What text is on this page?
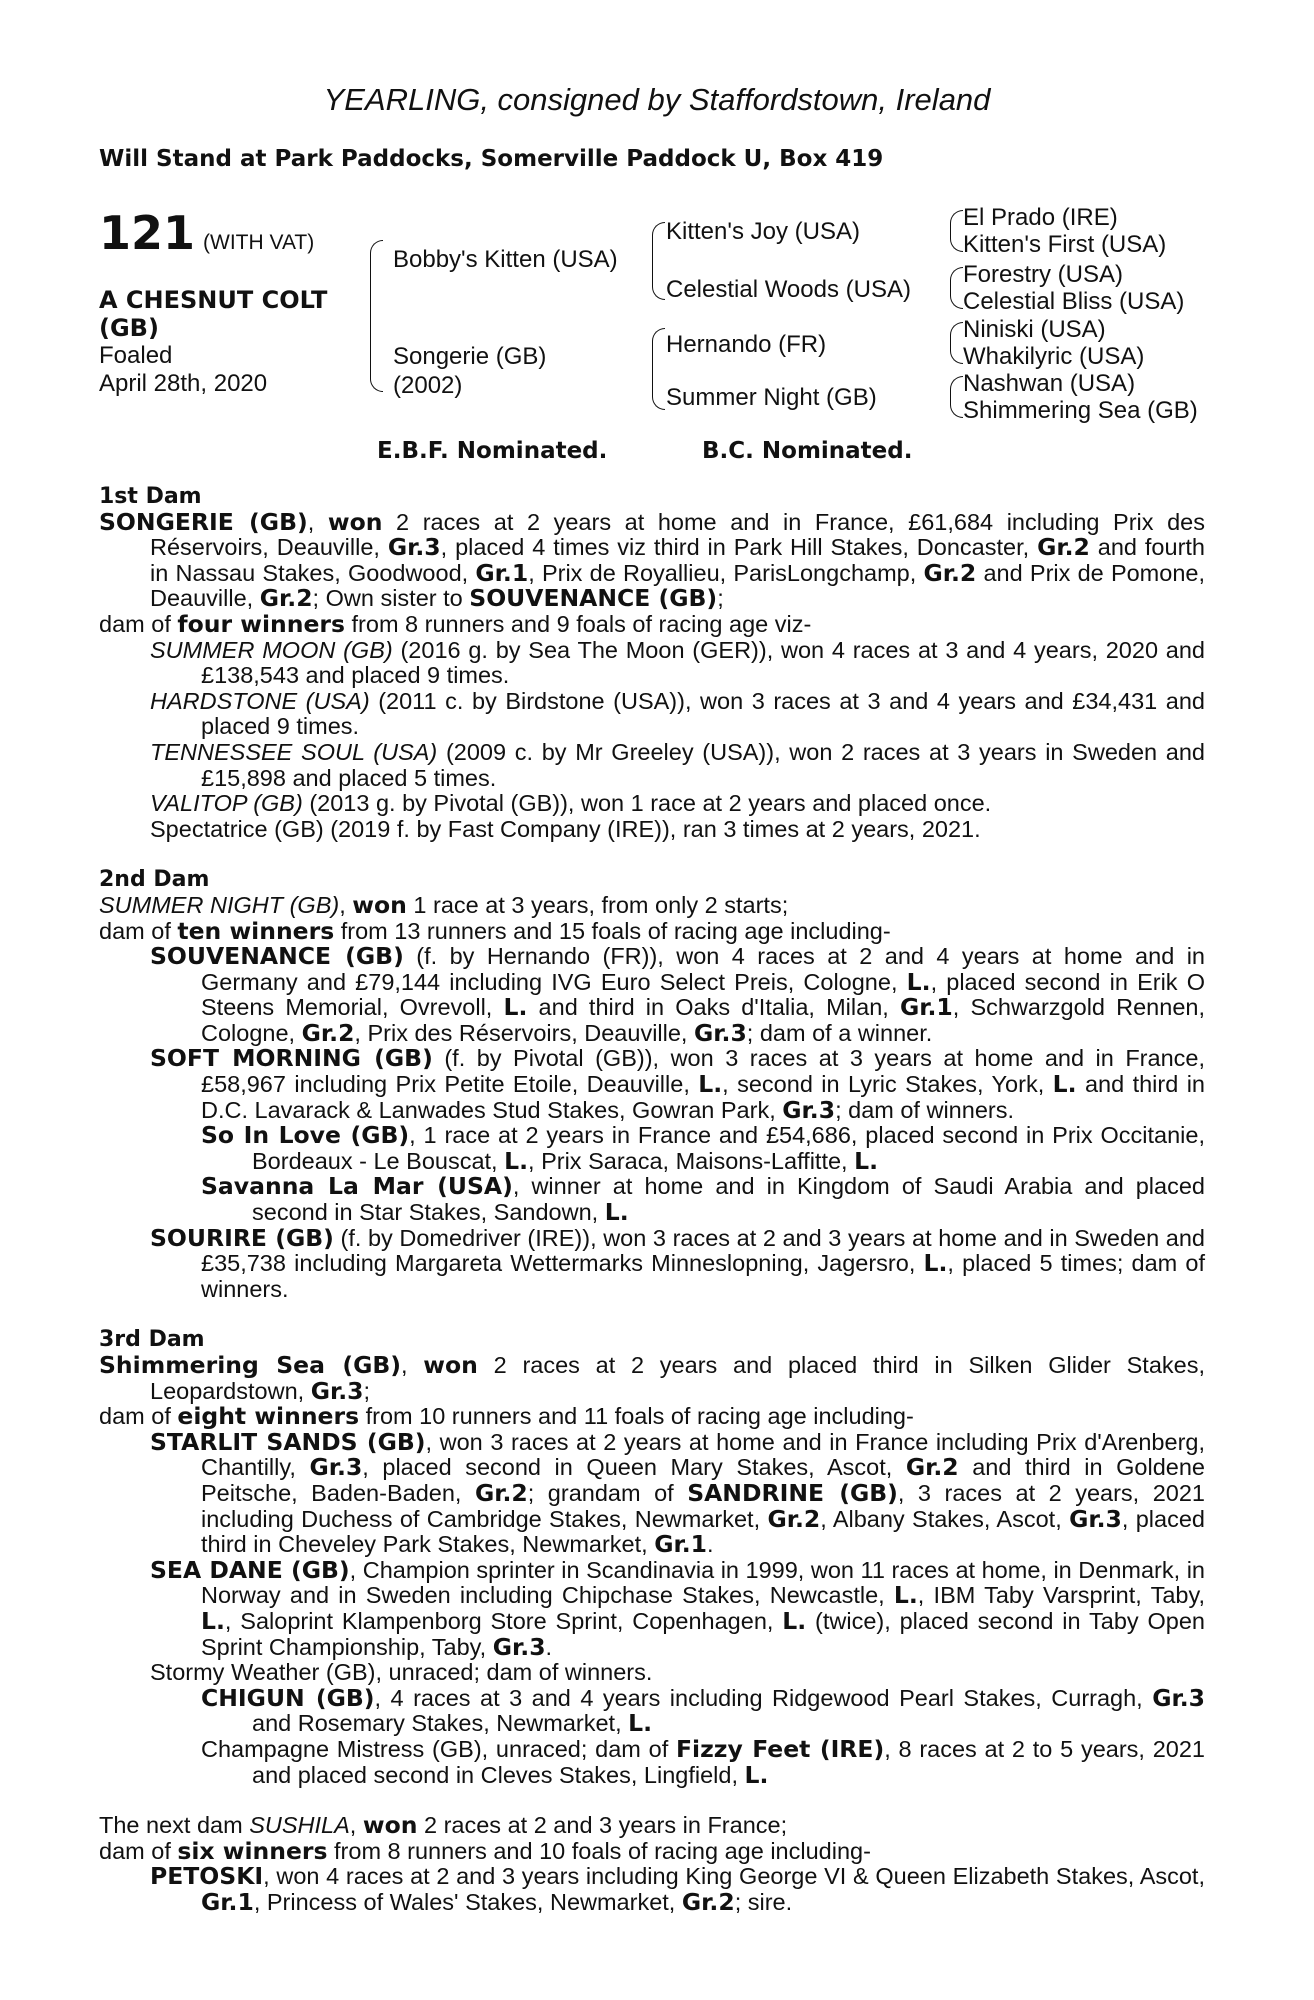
YEARLING, consigned by Staffordstown, Ireland
Will Stand at Park Paddocks, Somerville Paddock U, Box 419
121 (WITH VAT)
A CHESNUT COLT
(GB)
Foaled
April 28th, 2020
Bobby's Kitten (USA)
Songerie (GB)
(2002)
Kitten's Joy (USA)
Celestial Woods (USA)
Hernando (FR)
Summer Night (GB)
El Prado (IRE)
Kitten's First (USA)
Forestry (USA)
Celestial Bliss (USA)
Niniski (USA)
Whakilyric (USA)
Nashwan (USA)
Shimmering Sea (GB)
E.B.F. Nominated.	B.C. Nominated.
1st Dam
SONGERIE (GB), won 2 races at 2 years at home and in France, £61,684 including Prix des Réservoirs, Deauville, Gr.3, placed 4 times viz third in Park Hill Stakes, Doncaster, Gr.2 and fourth in Nassau Stakes, Goodwood, Gr.1, Prix de Royallieu, ParisLongchamp, Gr.2 and Prix de Pomone, Deauville, Gr.2; Own sister to SOUVENANCE (GB);
dam of four winners from 8 runners and 9 foals of racing age viz-
SUMMER MOON (GB) (2016 g. by Sea The Moon (GER)), won 4 races at 3 and 4 years, 2020 and £138,543 and placed 9 times.
HARDSTONE (USA) (2011 c. by Birdstone (USA)), won 3 races at 3 and 4 years and £34,431 and placed 9 times.
TENNESSEE SOUL (USA) (2009 c. by Mr Greeley (USA)), won 2 races at 3 years in Sweden and £15,898 and placed 5 times.
VALITOP (GB) (2013 g. by Pivotal (GB)), won 1 race at 2 years and placed once.
Spectatrice (GB) (2019 f. by Fast Company (IRE)), ran 3 times at 2 years, 2021.
2nd Dam
SUMMER NIGHT (GB), won 1 race at 3 years, from only 2 starts;
dam of ten winners from 13 runners and 15 foals of racing age including-
SOUVENANCE (GB) (f. by Hernando (FR)), won 4 races at 2 and 4 years at home and in Germany and £79,144 including IVG Euro Select Preis, Cologne, L., placed second in Erik O Steens Memorial, Ovrevoll, L. and third in Oaks d'Italia, Milan, Gr.1, Schwarzgold Rennen, Cologne, Gr.2, Prix des Réservoirs, Deauville, Gr.3; dam of a winner.
SOFT MORNING (GB) (f. by Pivotal (GB)), won 3 races at 3 years at home and in France, £58,967 including Prix Petite Etoile, Deauville, L., second in Lyric Stakes, York, L. and third in D.C. Lavarack & Lanwades Stud Stakes, Gowran Park, Gr.3; dam of winners.
So In Love (GB), 1 race at 2 years in France and £54,686, placed second in Prix Occitanie, Bordeaux - Le Bouscat, L., Prix Saraca, Maisons-Laffitte, L.
Savanna La Mar (USA), winner at home and in Kingdom of Saudi Arabia and placed second in Star Stakes, Sandown, L.
SOURIRE (GB) (f. by Domedriver (IRE)), won 3 races at 2 and 3 years at home and in Sweden and £35,738 including Margareta Wettermarks Minneslopning, Jagersro, L., placed 5 times; dam of winners.
3rd Dam
Shimmering Sea (GB), won 2 races at 2 years and placed third in Silken Glider Stakes, Leopardstown, Gr.3;
dam of eight winners from 10 runners and 11 foals of racing age including-
STARLIT SANDS (GB), won 3 races at 2 years at home and in France including Prix d'Arenberg, Chantilly, Gr.3, placed second in Queen Mary Stakes, Ascot, Gr.2 and third in Goldene Peitsche, Baden-Baden, Gr.2; grandam of SANDRINE (GB), 3 races at 2 years, 2021 including Duchess of Cambridge Stakes, Newmarket, Gr.2, Albany Stakes, Ascot, Gr.3, placed third in Cheveley Park Stakes, Newmarket, Gr.1.
SEA DANE (GB), Champion sprinter in Scandinavia in 1999, won 11 races at home, in Denmark, in Norway and in Sweden including Chipchase Stakes, Newcastle, L., IBM Taby Varsprint, Taby, L., Saloprint Klampenborg Store Sprint, Copenhagen, L. (twice), placed second in Taby Open Sprint Championship, Taby, Gr.3.
Stormy Weather (GB), unraced; dam of winners.
CHIGUN (GB), 4 races at 3 and 4 years including Ridgewood Pearl Stakes, Curragh, Gr.3 and Rosemary Stakes, Newmarket, L.
Champagne Mistress (GB), unraced; dam of Fizzy Feet (IRE), 8 races at 2 to 5 years, 2021 and placed second in Cleves Stakes, Lingfield, L.
The next dam SUSHILA, won 2 races at 2 and 3 years in France;
dam of six winners from 8 runners and 10 foals of racing age including-
PETOSKI, won 4 races at 2 and 3 years including King George VI & Queen Elizabeth Stakes, Ascot, Gr.1, Princess of Wales' Stakes, Newmarket, Gr.2; sire.
